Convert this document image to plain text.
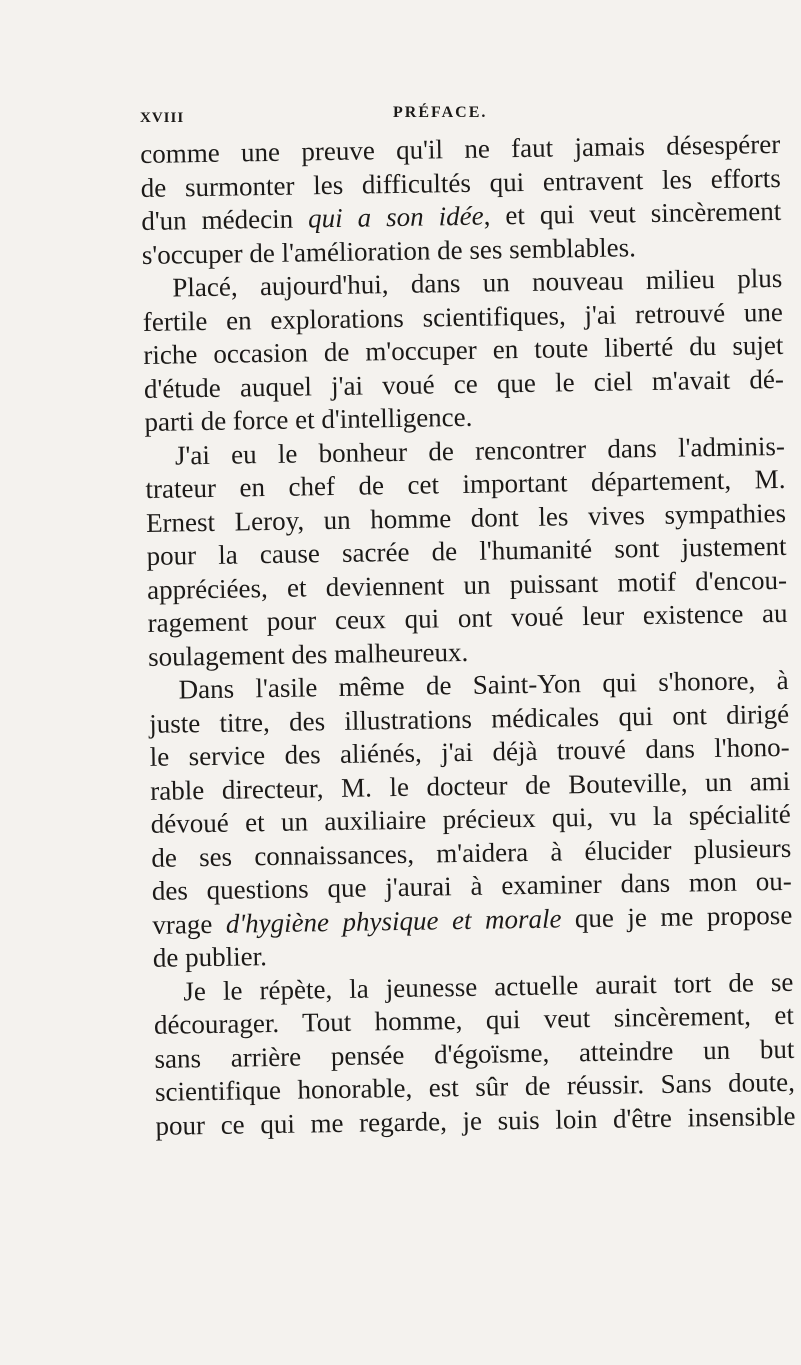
XVIII	PRÉFACE.
comme une preuve qu'il ne faut jamais désespérer
de surmonter les difficultés qui entravent les efforts
d'un médecin qui a son idée, et qui veut sincèrement
s'occuper de l'amélioration de ses semblables.
Placé, aujourd'hui, dans un nouveau milieu plus
fertile en explorations scientifiques, j'ai retrouvé une
riche occasion de m'occuper en toute liberté du sujet
d'étude auquel j'ai voué ce que le ciel m'avait dé-
parti de force et d'intelligence.
J'ai eu le bonheur de rencontrer dans l'adminis-
trateur en chef de cet important département, M.
Ernest Leroy, un homme dont les vives sympathies
pour la cause sacrée de l'humanité sont justement
appréciées, et deviennent un puissant motif d'encou-
ragement pour ceux qui ont voué leur existence au
soulagement des malheureux.
Dans l'asile même de Saint-Yon qui s'honore, à
juste titre, des illustrations médicales qui ont dirigé
le service des aliénés, j'ai déjà trouvé dans l'hono-
rable directeur, M. le docteur de Bouteville, un ami
dévoué et un auxiliaire précieux qui, vu la spécialité
de ses connaissances, m'aidera à élucider plusieurs
des questions que j'aurai à examiner dans mon ou-
vrage d'hygiène physique et morale que je me propose
de publier.
Je le répète, la jeunesse actuelle aurait tort de se
décourager. Tout homme, qui veut sincèrement, et
sans arrière pensée d'égoïsme, atteindre un but
scientifique honorable, est sûr de réussir. Sans doute,
pour ce qui me regarde, je suis loin d'être insensible
